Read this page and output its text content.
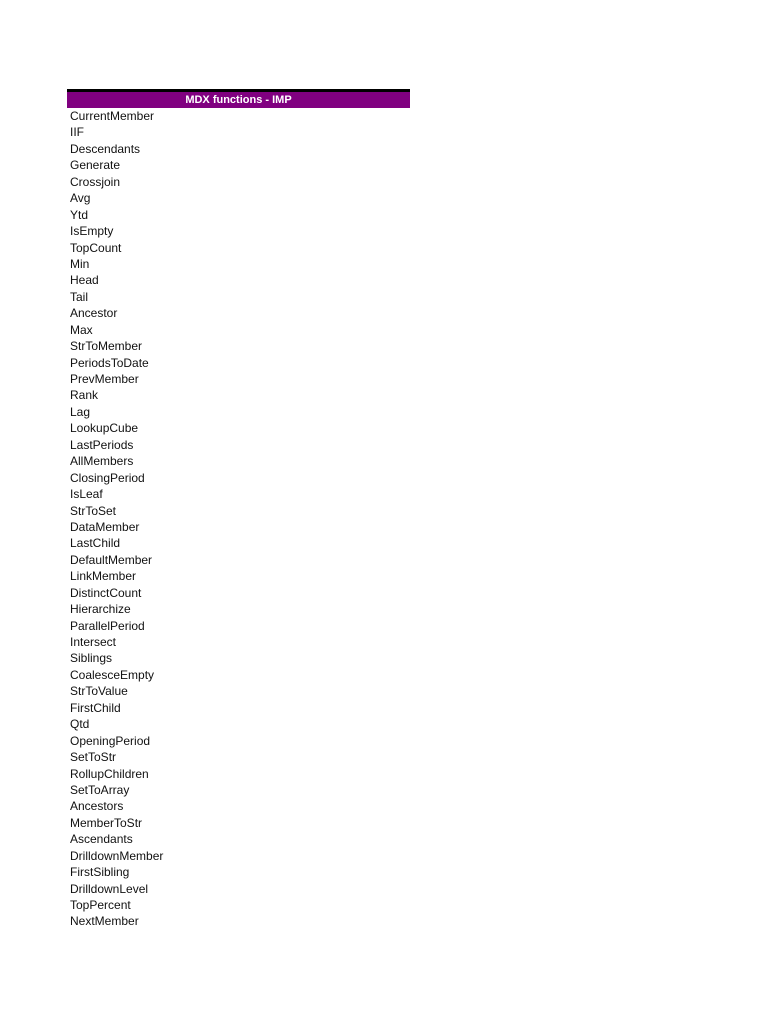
MDX functions - IMP
CurrentMember
IIF
Descendants
Generate
Crossjoin
Avg
Ytd
IsEmpty
TopCount
Min
Head
Tail
Ancestor
Max
StrToMember
PeriodsToDate
PrevMember
Rank
Lag
LookupCube
LastPeriods
AllMembers
ClosingPeriod
IsLeaf
StrToSet
DataMember
LastChild
DefaultMember
LinkMember
DistinctCount
Hierarchize
ParallelPeriod
Intersect
Siblings
CoalesceEmpty
StrToValue
FirstChild
Qtd
OpeningPeriod
SetToStr
RollupChildren
SetToArray
Ancestors
MemberToStr
Ascendants
DrilldownMember
FirstSibling
DrilldownLevel
TopPercent
NextMember
